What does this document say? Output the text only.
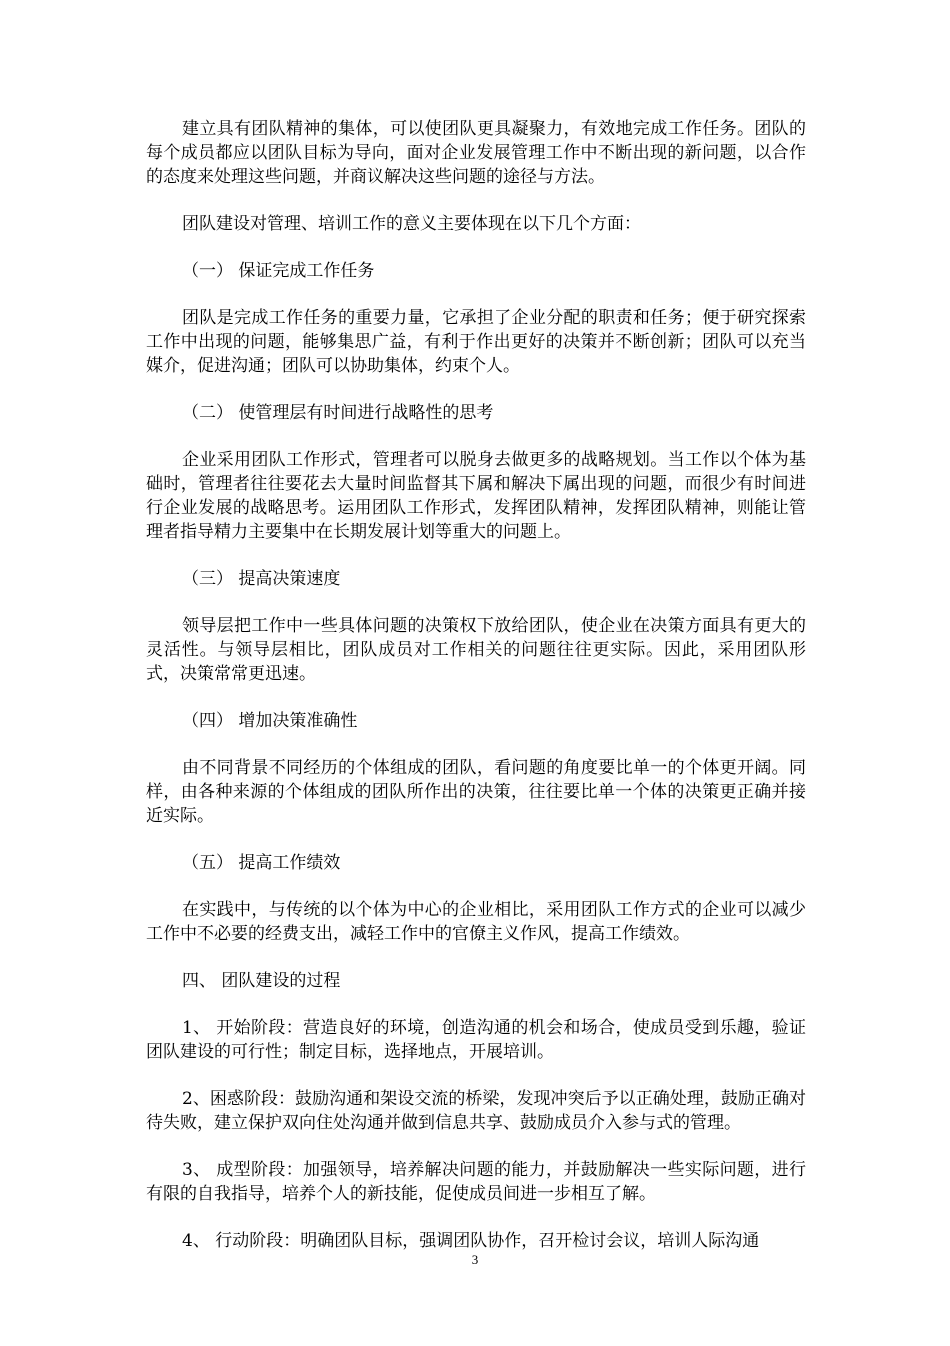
建立具有团队精神的集体，可以使团队更具凝聚力，有效地完成工作任务。团队的每个成员都应以团队目标为导向，面对企业发展管理工作中不断出现的新问题，以合作的态度来处理这些问题，并商议解决这些问题的途径与方法。

团队建设对管理、培训工作的意义主要体现在以下几个方面：

（一） 保证完成工作任务

团队是完成工作任务的重要力量，它承担了企业分配的职责和任务；便于研究探索工作中出现的问题，能够集思广益，有利于作出更好的决策并不断创新；团队可以充当媒介，促进沟通；团队可以协助集体，约束个人。

（二） 使管理层有时间进行战略性的思考

企业采用团队工作形式，管理者可以脱身去做更多的战略规划。当工作以个体为基础时，管理者往往要花去大量时间监督其下属和解决下属出现的问题，而很少有时间进行企业发展的战略思考。运用团队工作形式，发挥团队精神，发挥团队精神，则能让管理者指导精力主要集中在长期发展计划等重大的问题上。

（三） 提高决策速度

领导层把工作中一些具体问题的决策权下放给团队，使企业在决策方面具有更大的灵活性。与领导层相比，团队成员对工作相关的问题往往更实际。因此，采用团队形式，决策常常更迅速。

（四） 增加决策准确性

由不同背景不同经历的个体组成的团队，看问题的角度要比单一的个体更开阔。同样，由各种来源的个体组成的团队所作出的决策，往往要比单一个体的决策更正确并接近实际。

（五） 提高工作绩效

在实践中，与传统的以个体为中心的企业相比，采用团队工作方式的企业可以减少工作中不必要的经费支出，减轻工作中的官僚主义作风，提高工作绩效。

四、 团队建设的过程

1、 开始阶段：营造良好的环境，创造沟通的机会和场合，使成员受到乐趣，验证团队建设的可行性；制定目标，选择地点，开展培训。

2、困惑阶段：鼓励沟通和架设交流的桥梁，发现冲突后予以正确处理，鼓励正确对待失败，建立保护双向住处沟通并做到信息共享、鼓励成员介入参与式的管理。

3、 成型阶段：加强领导，培养解决问题的能力，并鼓励解决一些实际问题，进行有限的自我指导，培养个人的新技能，促使成员间进一步相互了解。

4、 行动阶段：明确团队目标，强调团队协作，召开检讨会议，培训人际沟通

3
